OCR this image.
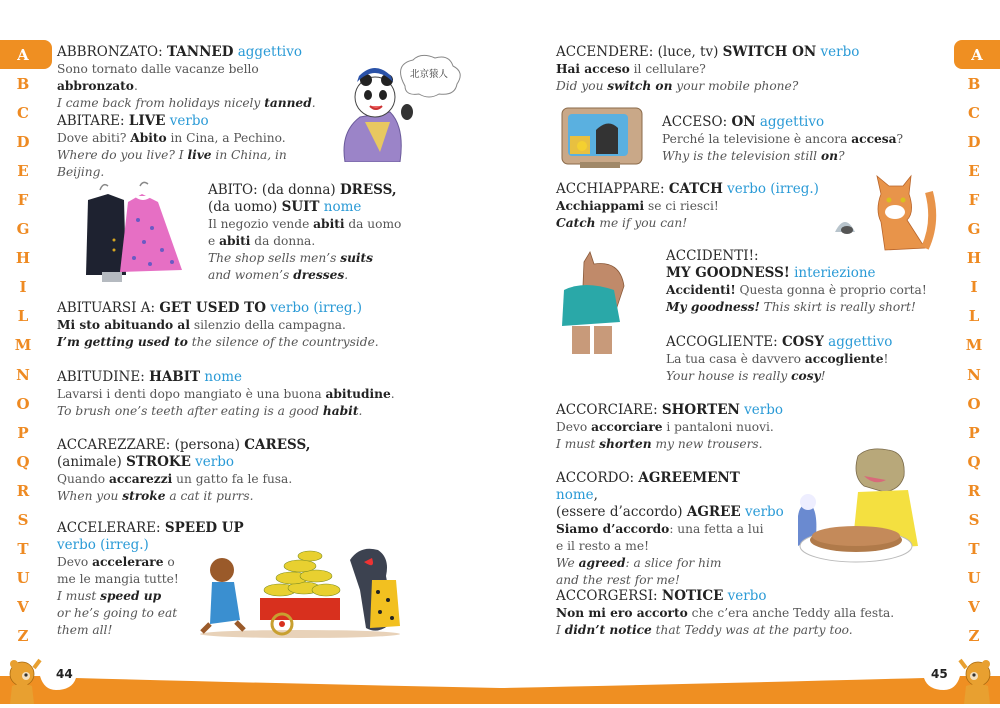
A
B
C
D
E
F
G
H
I
L
M
N
O
P
Q
R
S
T
U
V
Z
ABBRONZATO: TANNED aggettivo
Sono tornato dalle vacanze bello abbronzato.
I came back from holidays nicely tanned.
ABITARE: LIVE verbo
Dove abiti? Abito in Cina, a Pechino.
Where do you live? I live in China, in Beijing.
北京猿人
ABITO: (da donna) DRESS,
(da uomo) SUIT nome
Il negozio vende abiti da uomo
e abiti da donna.
The shop sells men’s suits
and women’s dresses.
ABITUARSI A: GET USED TO verbo (irreg.)
Mi sto abituando al silenzio della campagna.
I’m getting used to the silence of the countryside.
ABITUDINE: HABIT nome
Lavarsi i denti dopo mangiato è una buona abitudine.
To brush one’s teeth after eating is a good habit.
ACCAREZZARE: (persona) CARESS,
(animale) STROKE verbo
Quando accarezzi un gatto fa le fusa.
When you stroke a cat it purrs.
ACCELERARE: SPEED UP
verbo (irreg.)
Devo accelerare o
me le mangia tutte!
I must speed up
or he’s going to eat
them all!
44
A
B
C
D
E
F
G
H
I
L
M
N
O
P
Q
R
S
T
U
V
Z
ACCENDERE: (luce, tv) SWITCH ON verbo
Hai acceso il cellulare?
Did you switch on your mobile phone?
ACCESO: ON aggettivo
Perché la televisione è ancora accesa?
Why is the television still on?
ACCHIAPPARE: CATCH verbo (irreg.)
Acchiappami se ci riesci!
Catch me if you can!
ACCIDENTI!:
MY GOODNESS! interiezione
Accidenti! Questa gonna è proprio corta!
My goodness! This skirt is really short!
ACCOGLIENTE: COSY aggettivo
La tua casa è davvero accogliente!
Your house is really cosy!
ACCORCIARE: SHORTEN verbo
Devo accorciare i pantaloni nuovi.
I must shorten my new trousers.
ACCORDO: AGREEMENT nome,
(essere d’accordo) AGREE verbo
Siamo d’accordo: una fetta a lui
e il resto a me!
We agreed: a slice for him
and the rest for me!
ACCORGERSI: NOTICE verbo
Non mi ero accorto che c’era anche Teddy alla festa.
I didn’t notice that Teddy was at the party too.
45
